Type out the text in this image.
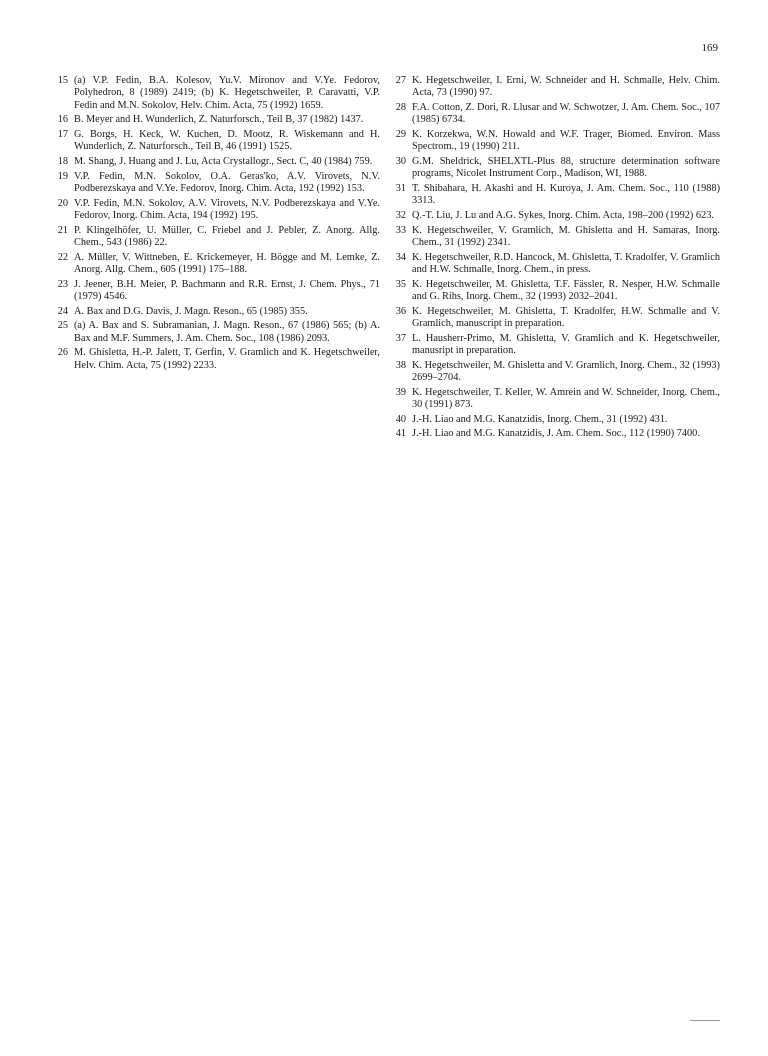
169
15 (a) V.P. Fedin, B.A. Kolesov, Yu.V. Mironov and V.Ye. Fedorov, Polyhedron, 8 (1989) 2419; (b) K. Hegetschweiler, P. Caravatti, V.P. Fedin and M.N. Sokolov, Helv. Chim. Acta, 75 (1992) 1659.
16 B. Meyer and H. Wunderlich, Z. Naturforsch., Teil B, 37 (1982) 1437.
17 G. Borgs, H. Keck, W. Kuchen, D. Mootz, R. Wiskemann and H. Wunderlich, Z. Naturforsch., Teil B, 46 (1991) 1525.
18 M. Shang, J. Huang and J. Lu, Acta Crystallogr., Sect. C, 40 (1984) 759.
19 V.P. Fedin, M.N. Sokolov, O.A. Geras'ko, A.V. Virovets, N.V. Podberezskaya and V.Ye. Fedorov, Inorg. Chim. Acta, 192 (1992) 153.
20 V.P. Fedin, M.N. Sokolov, A.V. Virovets, N.V. Podberezskaya and V.Ye. Fedorov, Inorg. Chim. Acta, 194 (1992) 195.
21 P. Klingelhöfer, U. Müller, C. Friebel and J. Pebler, Z. Anorg. Allg. Chem., 543 (1986) 22.
22 A. Müller, V. Wittneben, E. Krickemeyer, H. Bögge and M. Lemke, Z. Anorg. Allg. Chem., 605 (1991) 175–188.
23 J. Jeener, B.H. Meier, P. Bachmann and R.R. Ernst, J. Chem. Phys., 71 (1979) 4546.
24 A. Bax and D.G. Davis, J. Magn. Reson., 65 (1985) 355.
25 (a) A. Bax and S. Subramanian, J. Magn. Reson., 67 (1986) 565; (b) A. Bax and M.F. Summers, J. Am. Chem. Soc., 108 (1986) 2093.
26 M. Ghisletta, H.-P. Jalett, T. Gerfin, V. Gramlich and K. Hegetschweiler, Helv. Chim. Acta, 75 (1992) 2233.
27 K. Hegetschweiler, I. Erni, W. Schneider and H. Schmalle, Helv. Chim. Acta, 73 (1990) 97.
28 F.A. Cotton, Z. Dori, R. Llusar and W. Schwotzer, J. Am. Chem. Soc., 107 (1985) 6734.
29 K. Korzekwa, W.N. Howald and W.F. Trager, Biomed. Environ. Mass Spectrom., 19 (1990) 211.
30 G.M. Sheldrick, SHELXTL-Plus 88, structure determination software programs, Nicolet Instrument Corp., Madison, WI, 1988.
31 T. Shibahara, H. Akashi and H. Kuroya, J. Am. Chem. Soc., 110 (1988) 3313.
32 Q.-T. Liu, J. Lu and A.G. Sykes, Inorg. Chim. Acta, 198–200 (1992) 623.
33 K. Hegetschweiler, V. Gramlich, M. Ghisletta and H. Samaras, Inorg. Chem., 31 (1992) 2341.
34 K. Hegetschweiler, R.D. Hancock, M. Ghisletta, T. Kradolfer, V. Gramlich and H.W. Schmalle, Inorg. Chem., in press.
35 K. Hegetschweiler, M. Ghisletta, T.F. Fässler, R. Nesper, H.W. Schmalle and G. Rihs, Inorg. Chem., 32 (1993) 2032–2041.
36 K. Hegetschweiler, M. Ghisletta, T. Kradolfer, H.W. Schmalle and V. Gramlich, manuscript in preparation.
37 L. Hausherr-Primo, M. Ghisletta, V. Gramlich and K. Hegetschweiler, manusript in preparation.
38 K. Hegetschweiler, M. Ghisletta and V. Gramlich, Inorg. Chem., 32 (1993) 2699–2704.
39 K. Hegetschweiler, T. Keller, W. Amrein and W. Schneider, Inorg. Chem., 30 (1991) 873.
40 J.-H. Liao and M.G. Kanatzidis, Inorg. Chem., 31 (1992) 431.
41 J.-H. Liao and M.G. Kanatzidis, J. Am. Chem. Soc., 112 (1990) 7400.
